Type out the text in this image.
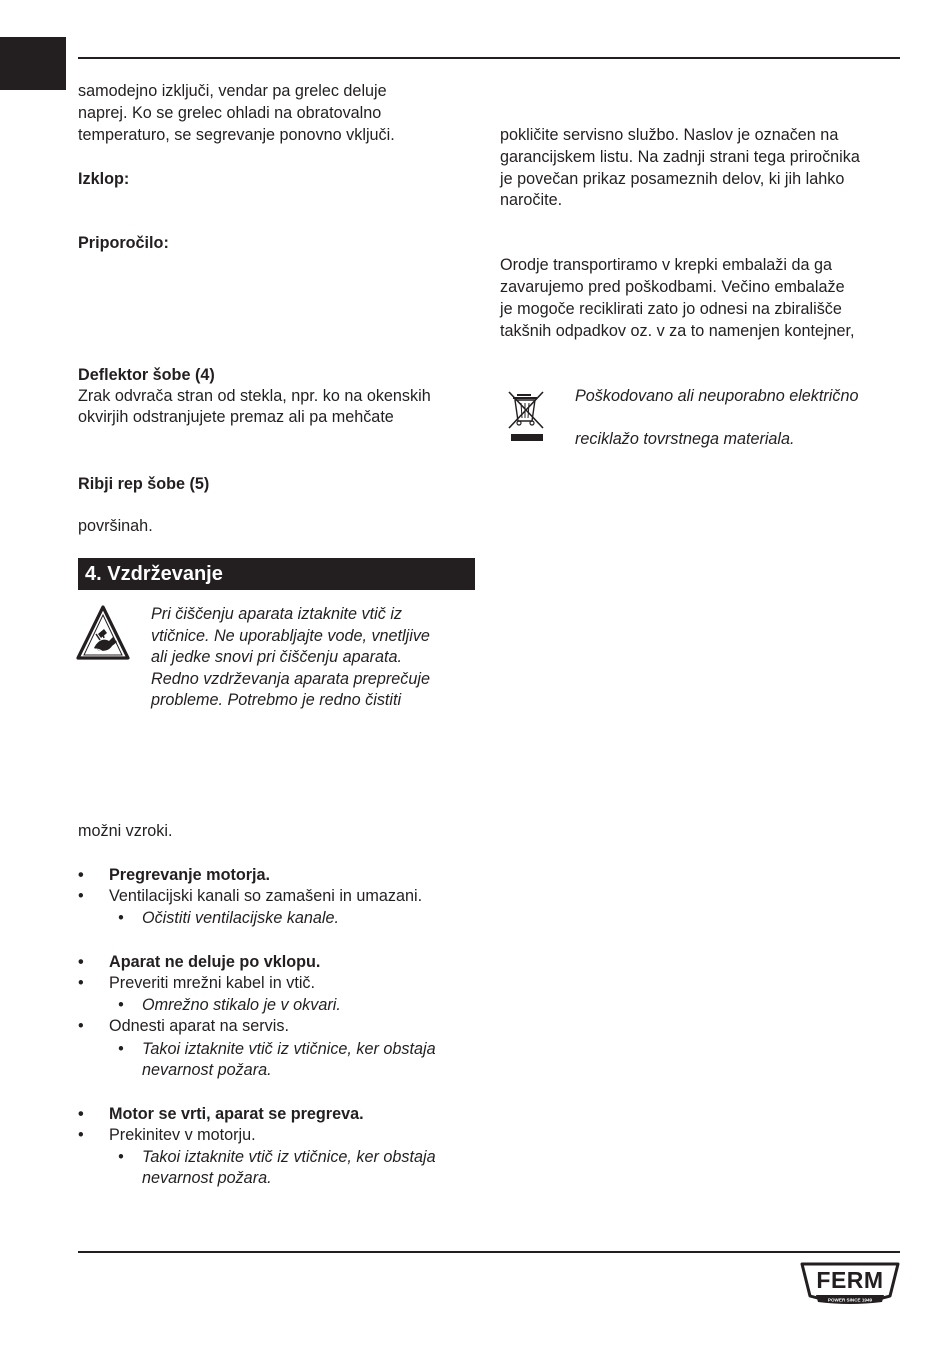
samodejno izključi, vendar pa grelec deluje
naprej. Ko se grelec ohladi na obratovalno
temperaturo, se segrevanje ponovno vključi.
Izklop:
Priporočilo:
Deflektor šobe (4)
Zrak odvrača stran od stekla, npr. ko na okenskih
okvirjih odstranjujete premaz ali pa mehčate
Ribji rep šobe (5)
površinah.
4. Vzdrževanje
Pri čiščenju aparata iztaknite vtič iz
vtičnice. Ne uporabljajte vode, vnetljive
ali jedke snovi pri čiščenju aparata.
Redno vzdrževanja aparata preprečuje
probleme. Potrebmo je redno čistiti
možni vzroki.
• Pregrevanje motorja.
• Ventilacijski kanali so zamašeni in umazani.
• Očistiti ventilacijske kanale.
• Aparat ne deluje po vklopu.
• Preveriti mrežni kabel in vtič.
• Omrežno stikalo je v okvari.
• Odnesti aparat na servis.
• Takoi iztaknite vtič iz vtičnice, ker obstaja
nevarnost požara.
• Motor se vrti, aparat se pregreva.
• Prekinitev v motorju.
• Takoi iztaknite vtič iz vtičnice, ker obstaja
nevarnost požara.
pokličite servisno službo. Naslov je označen na
garancijskem listu. Na zadnji strani tega priročnika
je povečan prikaz posameznih delov, ki jih lahko
naročite.
Orodje transportiramo v krepki embalaži da ga
zavarujemo pred poškodbami. Večino embalaže
je mogoče reciklirati zato jo odnesi na zbirališče
takšnih odpadkov oz. v za to namenjen kontejner,
Poškodovano ali neuporabno električno
reciklažo tovrstnega materiala.
FERM
POWER SINCE 1949
